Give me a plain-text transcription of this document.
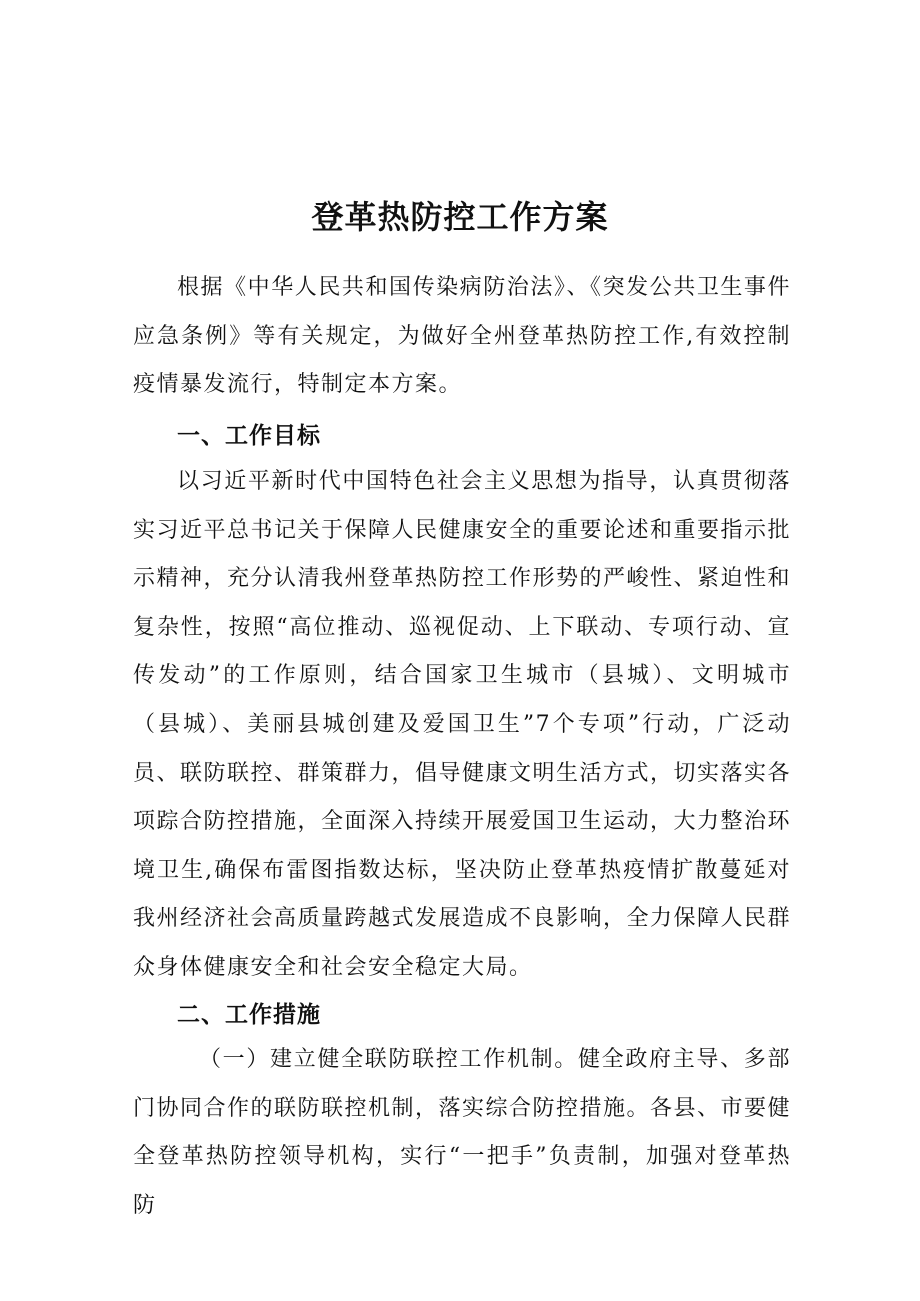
登革热防控工作方案

根据《中华人民共和国传染病防治法》、《突发公共卫生事件应急条例》等有关规定，为做好全州登革热防控工作,有效控制疫情暴发流行，特制定本方案。

一、工作目标

以习近平新时代中国特色社会主义思想为指导，认真贯彻落实习近平总书记关于保障人民健康安全的重要论述和重要指示批示精神，充分认清我州登革热防控工作形势的严峻性、紧迫性和复杂性，按照“高位推动、巡视促动、上下联动、专项行动、宣传发动”的工作原则，结合国家卫生城市（县城）、文明城市（县城）、美丽县城创建及爱国卫生”7个专项”行动，广泛动员、联防联控、群策群力，倡导健康文明生活方式，切实落实各项踪合防控措施，全面深入持续开展爱国卫生运动，大力整治环境卫生,确保布雷图指数达标，坚决防止登革热疫情扩散蔓延对我州经济社会高质量跨越式发展造成不良影响，全力保障人民群众身体健康安全和社会安全稳定大局。

二、工作措施

（一）建立健全联防联控工作机制。健全政府主导、多部门协同合作的联防联控机制，落实综合防控措施。各县、市要健全登革热防控领导机构，实行“一把手”负责制，加强对登革热防
